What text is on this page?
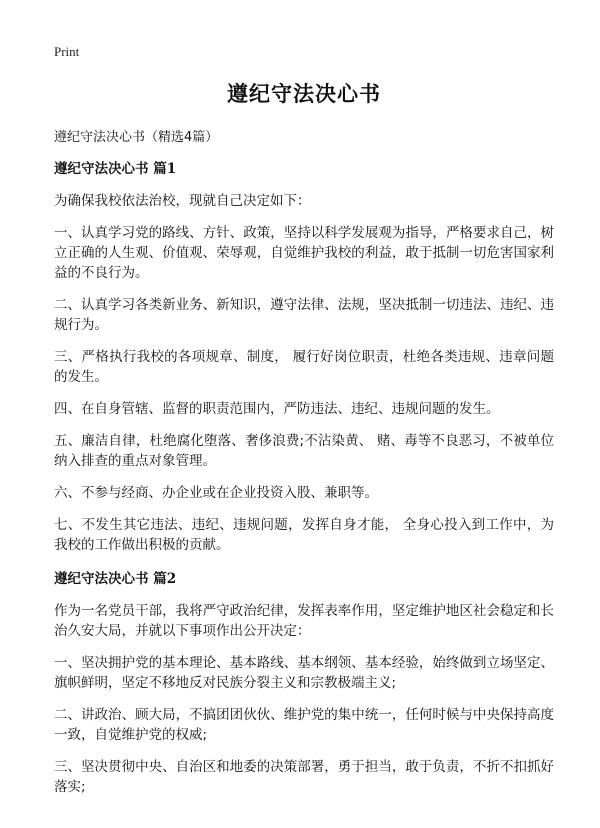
Print
遵纪守法决心书
遵纪守法决心书（精选4篇）
遵纪守法决心书 篇1

为确保我校依法治校，现就自己决定如下：

一、认真学习党的路线、方针、政策，坚持以科学发展观为指导，严格要求自己，树立正确的人生观、价值观、荣辱观，自觉维护我校的利益，敢于抵制一切危害国家利益的不良行为。

二、认真学习各类新业务、新知识，遵守法律、法规，坚决抵制一切违法、违纪、违规行为。

三、严格执行我校的各项规章、制度， 履行好岗位职责，杜绝各类违规、违章问题的发生。

四、在自身管辖、监督的职责范围内，严防违法、违纪、违规问题的发生。

五、廉洁自律，杜绝腐化堕落、奢侈浪费;不沾染黄、 赌、毒等不良恶习，不被单位纳入排查的重点对象管理。

六、不参与经商、办企业或在企业投资入股、兼职等。

七、不发生其它违法、违纪、违规问题，发挥自身才能， 全身心投入到工作中，为我校的工作做出积极的贡献。

遵纪守法决心书 篇2

作为一名党员干部，我将严守政治纪律，发挥表率作用，坚定维护地区社会稳定和长治久安大局，并就以下事项作出公开决定：

一、坚决拥护党的基本理论、基本路线、基本纲领、基本经验，始终做到立场坚定、旗帜鲜明，坚定不移地反对民族分裂主义和宗教极端主义;

二、讲政治、顾大局，不搞团团伙伙、维护党的集中统一，任何时候与中央保持高度一致，自觉维护党的权威;

三、坚决贯彻中央、自治区和地委的决策部署，勇于担当，敢于负责，不折不扣抓好落实;
